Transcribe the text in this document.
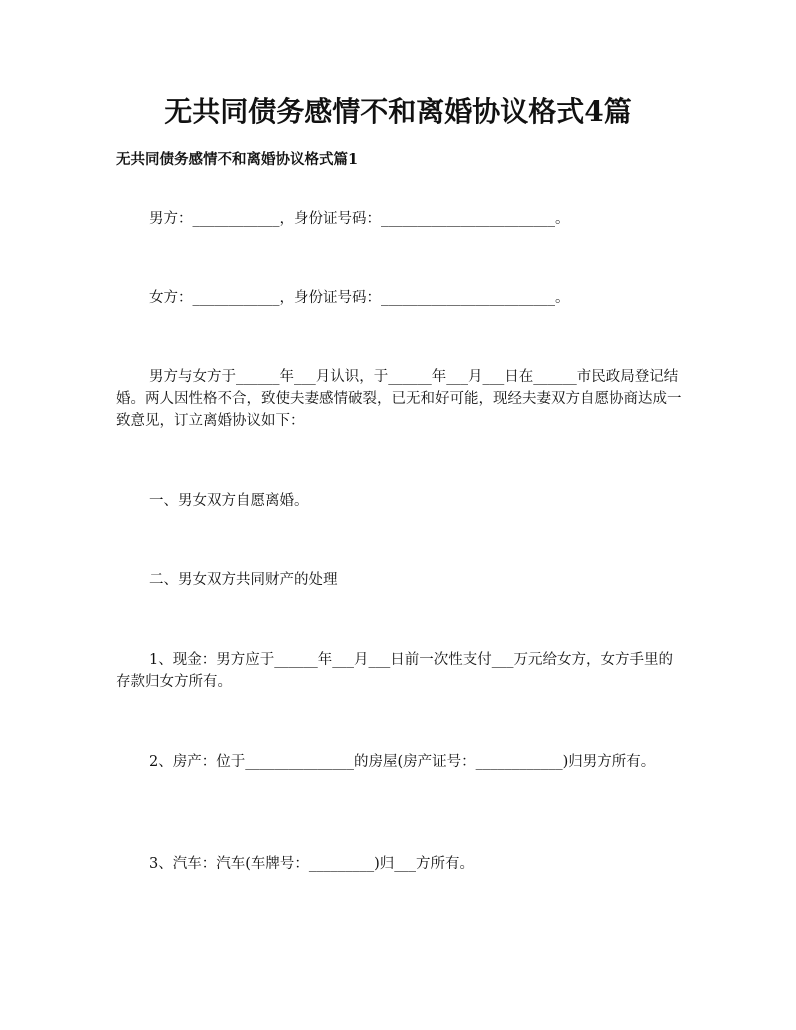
无共同债务感情不和离婚协议格式4篇
无共同债务感情不和离婚协议格式篇1
男方：____________，身份证号码：________________________。
女方：____________，身份证号码：________________________。
男方与女方于______年___月认识，于______年___月___日在______市民政局登记结婚。两人因性格不合，致使夫妻感情破裂，已无和好可能，现经夫妻双方自愿协商达成一致意见，订立离婚协议如下：
一、男女双方自愿离婚。
二、男女双方共同财产的处理
1、现金：男方应于______年___月___日前一次性支付___万元给女方，女方手里的存款归女方所有。
2、房产：位于_______________的房屋(房产证号：____________)归男方所有。
3、汽车：汽车(车牌号：_________)归___方所有。
